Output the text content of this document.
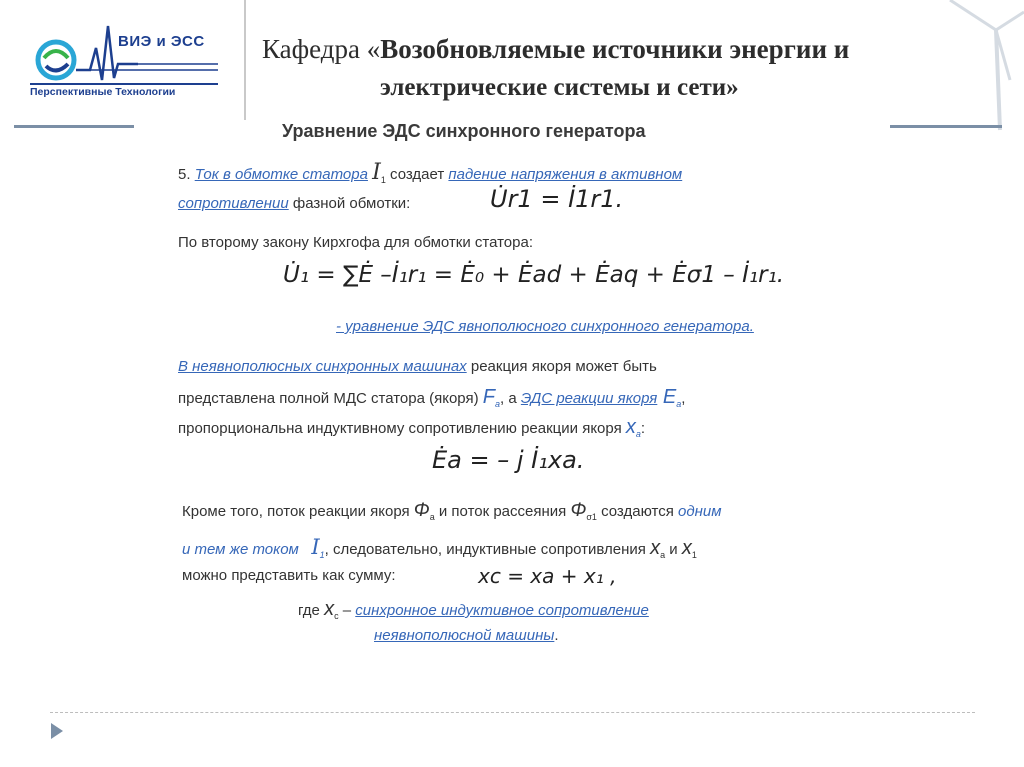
ВИЭ и ЭСС
Перспективные Технологии
Кафедра «Возобновляемые источники энергии и
электрические системы и сети»
Уравнение ЭДС синхронного генератора
5. Ток в обмотке статора $I_1$ создает падение напряжения в активном
сопротивлении фазной обмотки:	U̇r1 = İ1r1.
По второму закону Кирхгофа для обмотки статора:
U̇₁ = ∑Ė –İ₁r₁ = Ė₀ + Ėad + Ėaq + Ėσ1 – İ₁r₁.
- уравнение ЭДС явнополюсного синхронного генератора.
В неявнополюсных синхронных машинах реакция якоря может быть
представлена полной МДС статора (якоря) $F_a$, а ЭДС реакции якоря $E_a$,
пропорциональна индуктивному сопротивлению реакции якоря $x_a$:
Ėa = – j İ₁xa.
Кроме того, поток реакции якоря $\Phi_a$ и поток рассеяния $\Phi_{\sigma 1}$ создаются одним
и тем же током $I_1$, следовательно, индуктивные сопротивления $x_a$ и $x_1$
можно представить как сумму:	xc = xa + x₁ ,
где $x_c$ – синхронное индуктивное сопротивление
неявнополюсной машины.
